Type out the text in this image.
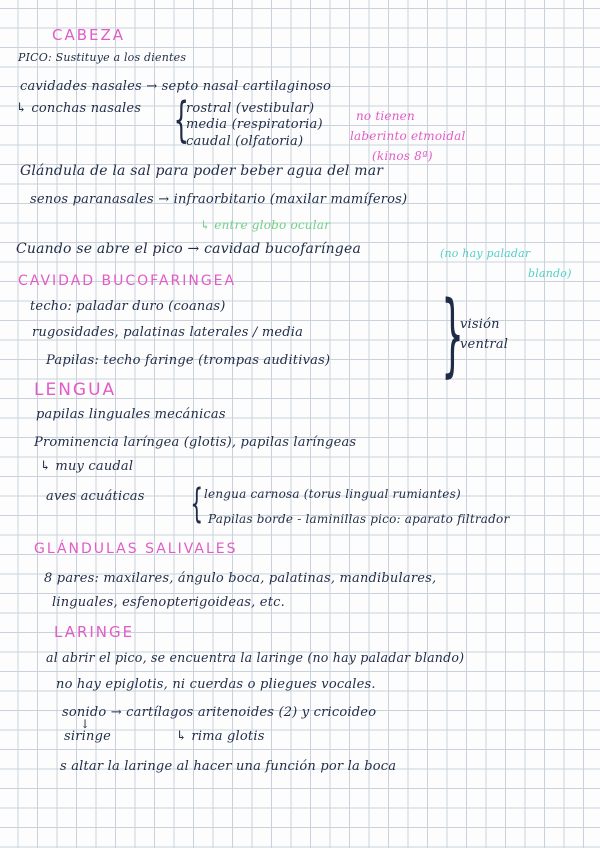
CABEZA
PICO: Sustituye a los dientes
cavidades nasales → septo nasal cartilaginoso
↳ conchas nasales {
rostral (vestibular)
media (respiratoria)
caudal (olfatoria)
no tienen
laberinto etmoidal
(kinos 8ª)
Glándula de la sal para poder beber agua del mar
senos paranasales → infraorbitario (maxilar mamíferos)
↳ entre globo ocular
Cuando se abre el pico → cavidad bucofaríngea	(no hay paladar
blando)
CAVIDAD BUCOFARINGEA
techo: paladar duro (coanas)
rugosidades, palatinas laterales / media
Papilas: techo faringe (trompas auditivas) }
visión
ventral
LENGUA
papilas linguales mecánicas
Prominencia laríngea (glotis), papilas laríngeas
↳ muy caudal
aves acuáticas { lengua carnosa (torus lingual rumiantes)
Papilas borde - laminillas pico: aparato filtrador
GLÁNDULAS SALIVALES
8 pares: maxilares, ángulo boca, palatinas, mandibulares,
linguales, esfenopterigoideas, etc.
LARINGE
al abrir el pico, se encuentra la laringe (no hay paladar blando)
no hay epiglotis, ni cuerdas o pliegues vocales.
sonido → cartílagos aritenoides (2) y cricoideo
↓
siringe	↳ rima glotis
s altar la laringe al hacer una función por la boca
